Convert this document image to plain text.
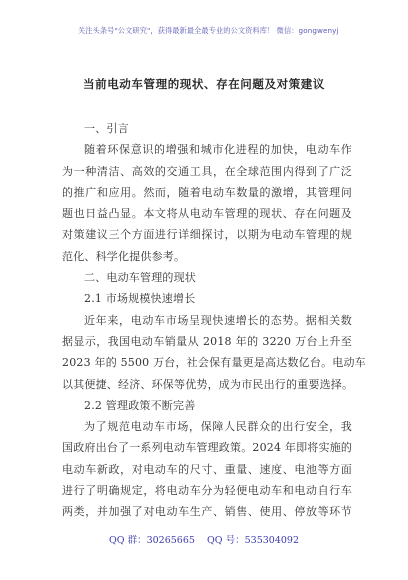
关注头条号"公文研究"，获得最新最全最专业的公文资料库！ 微信：gongwenyj
当前电动车管理的现状、存在问题及对策建议
一、引言
随着环保意识的增强和城市化进程的加快，电动车作
为一种清洁、高效的交通工具，在全球范围内得到了广泛
的推广和应用。然而，随着电动车数量的激增，其管理问
题也日益凸显。本文将从电动车管理的现状、存在问题及
对策建议三个方面进行详细探讨，以期为电动车管理的规
范化、科学化提供参考。
二、电动车管理的现状
2.1 市场规模快速增长
近年来，电动车市场呈现快速增长的态势。据相关数
据显示，我国电动车销量从 2018 年的 3220 万台上升至
2023 年的 5500 万台，社会保有量更是高达数亿台。电动车
以其便捷、经济、环保等优势，成为市民出行的重要选择。
2.2 管理政策不断完善
为了规范电动车市场，保障人民群众的出行安全，我
国政府出台了一系列电动车管理政策。2024 年即将实施的
电动车新政，对电动车的尺寸、重量、速度、电池等方面
进行了明确规定，将电动车分为轻便电动车和电动自行车
两类，并加强了对电动车生产、销售、使用、停放等环节
QQ 群：30265665    QQ 号：535304092
